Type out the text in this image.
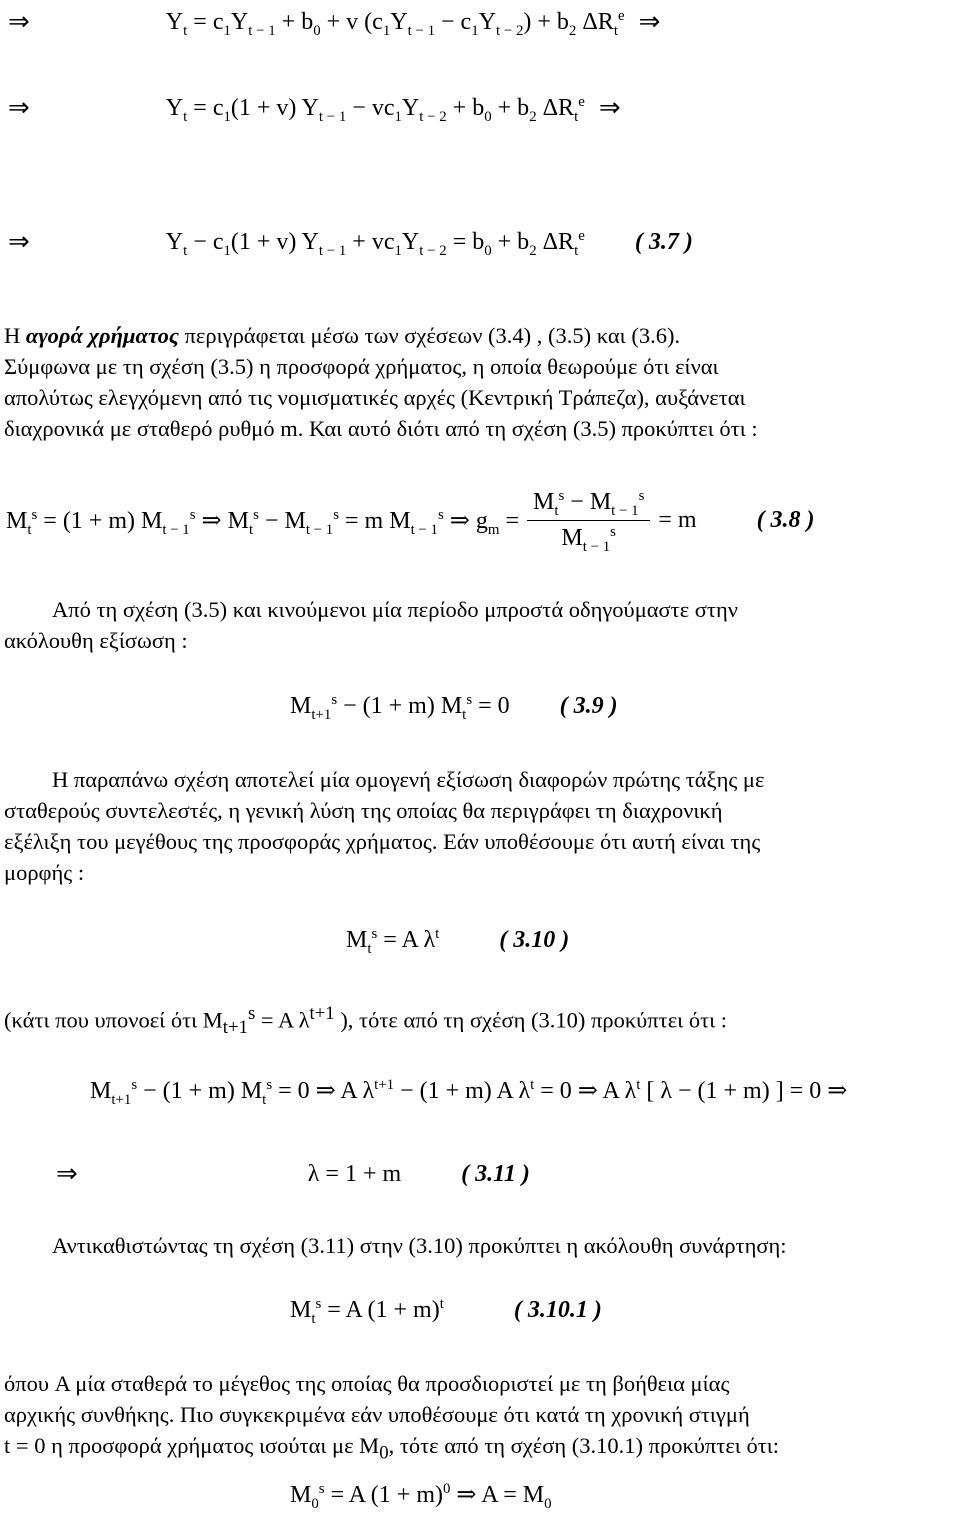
⇒	$Y_t = c_1Y_{t - 1} + b_0 + v$ $(c_1Y_{t - 1} - c_1Y_{t - 2}) + b_2$ $\Delta R_t^e$ ⇒
⇒	$Y_t = c_1(1 + v) Y_{t - 1} - vc_1Y_{t - 2} + b_0 + b_2$ $\Delta R_t^e$ ⇒
⇒	$Y_t - c_1(1 + v) Y_{t - 1} + vc_1Y_{t - 2} = b_0 + b_2$ $\Delta R_t^e$ ( 3.7 )
Η αγορά χρήματος περιγράφεται μέσω των σχέσεων (3.4) , (3.5) και (3.6).
Σύμφωνα με τη σχέση (3.5) η προσφορά χρήματος, η οποία θεωρούμε ότι είναι
απολύτως ελεγχόμενη από τις νομισματικές αρχές (Κεντρική Τράπεζα), αυξάνεται
διαχρονικά με σταθερό ρυθμό m. Και αυτό διότι από τη σχέση (3.5) προκύπτει ότι :
$M_t^s = (1 + m)$ $M_{t - 1}^s$ ⇒ $M_t^s - M_{t - 1}^s = m$ $M_{t - 1}^s$ ⇒ $g_m = \frac{M_t^s - M_{t - 1}^s}{M_{t - 1}^s} = m$	( 3.8 )
Από τη σχέση (3.5) και κινούμενοι μία περίοδο μπροστά οδηγούμαστε στην
ακόλουθη εξίσωση :
$M_{t+1}^s - (1 + m) M_t^s = 0$ ( 3.9 )
Η παραπάνω σχέση αποτελεί μία ομογενή εξίσωση διαφορών πρώτης τάξης με
σταθερούς συντελεστές, η γενική λύση της οποίας θα περιγράφει τη διαχρονική
εξέλιξη του μεγέθους της προσφοράς χρήματος. Εάν υποθέσουμε ότι αυτή είναι της
μορφής :
$M_t^s = A$ $\lambda^t$	( 3.10 )
(κάτι που υπονοεί ότι $M_{t+1}^s = A$ $\lambda^{t+1}$ ), τότε από τη σχέση (3.10) προκύπτει ότι :
$M_{t+1}^s - (1 + m) M_t^s = 0$ ⇒ A $\lambda^{t+1} - (1 + m)$ A $\lambda^t = 0$ ⇒ A $\lambda^t$ [ λ − (1 + m) ] = 0 ⇒
⇒	λ = 1 + m	( 3.11 )
Αντικαθιστώντας τη σχέση (3.11) στην (3.10) προκύπτει η ακόλουθη συνάρτηση:
$M_t^s = A$ $(1 + m)^t$	( 3.10.1 )
όπου A μία σταθερά το μέγεθος της οποίας θα προσδιοριστεί με τη βοήθεια μίας
αρχικής συνθήκης. Πιο συγκεκριμένα εάν υποθέσουμε ότι κατά τη χρονική στιγμή
t = 0 η προσφορά χρήματος ισούται με $M_0$, τότε από τη σχέση (3.10.1) προκύπτει ότι:
$M_0^s = A$ $(1 + m)^0$ ⇒ $A = M_0$
